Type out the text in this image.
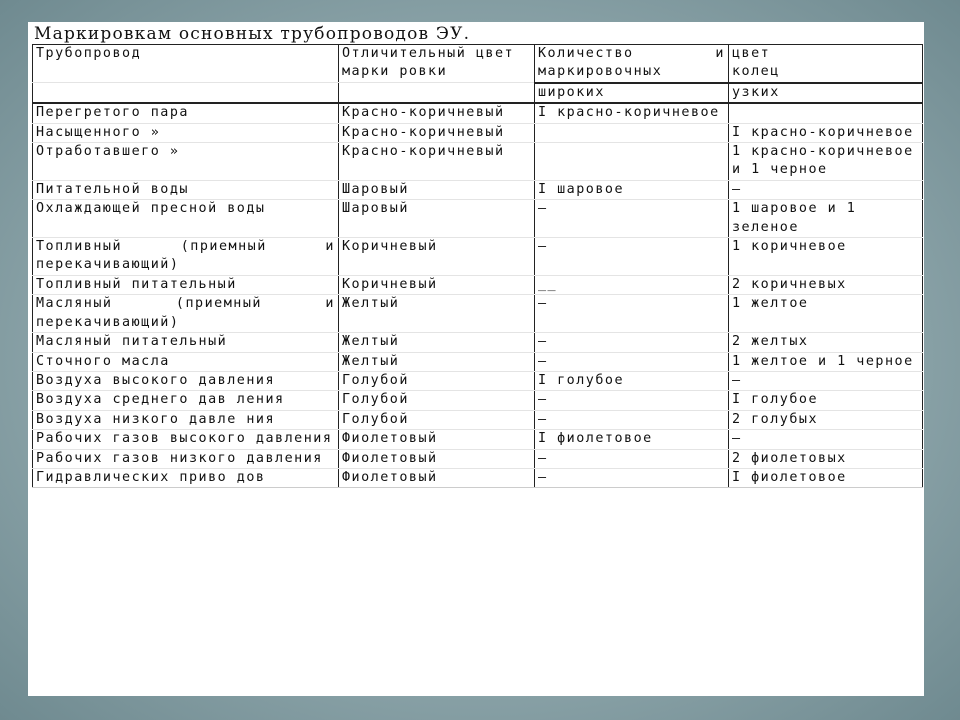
Маркировкам основных трубопроводов ЭУ.
Трубопровод	Отличительный цвет марки ровки	Количество и маркировочных	цвет колец

		широких	узких

Перегретого пара	Красно-коричневый	I красно-коричневое	

Насыщенного »	Красно-коричневый		I красно-коричневое

Отработавшего »	Красно-коричневый		1 красно-коричневое и 1 черное

Питательной воды	Шаровый	I шаровое	—

Охлаждающей пресной воды	Шаровый	—	1 шаровое и 1 зеленое

Топливный (приемный и перекачивающий)	Коричневый	—	1 коричневое

Топливный питательный	Коричневый	__	2 коричневых

Масляный (приемный и перекачивающий)	Желтый	—	1 желтое

Масляный питательный	Желтый	—	2 желтых

Сточного масла	Желтый	—	1 желтое и 1 черное

Воздуха высокого давления	Голубой	I голубое	—

Воздуха среднего дав ления	Голубой	—	I голубое

Воздуха низкого давле ния	Голубой	—	2 голубых

Рабочих газов высокого давления	Фиолетовый	I фиолетовое	—

Рабочих газов низкого давления	Фиолетовый	—	2 фиолетовых

Гидравлических приво дов	Фиолетовый	—	I фиолетовое
